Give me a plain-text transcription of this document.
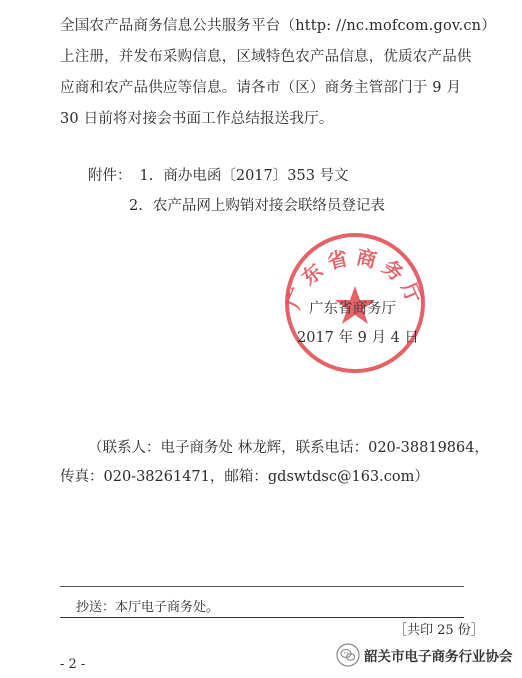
全国农产品商务信息公共服务平台（http: //nc.mofcom.gov.cn）
上注册，并发布采购信息，区域特色农产品信息，优质农产品供
应商和农产品供应等信息。请各市（区）商务主管部门于 9 月
30 日前将对接会书面工作总结报送我厅。
附件： 1. 商办电函〔2017〕353 号文
2. 农产品网上购销对接会联络员登记表
广东省商务厅
广东省商务厅
2017 年 9 月 4 日
（联系人：电子商务处 林龙辉，联系电话：020-38819864，
传真：020-38261471，邮箱：gdswtdsc@163.com）
抄送：本厅电子商务处。
［共印 25 份］
- 2 -	韶关市电子商务行业协会
